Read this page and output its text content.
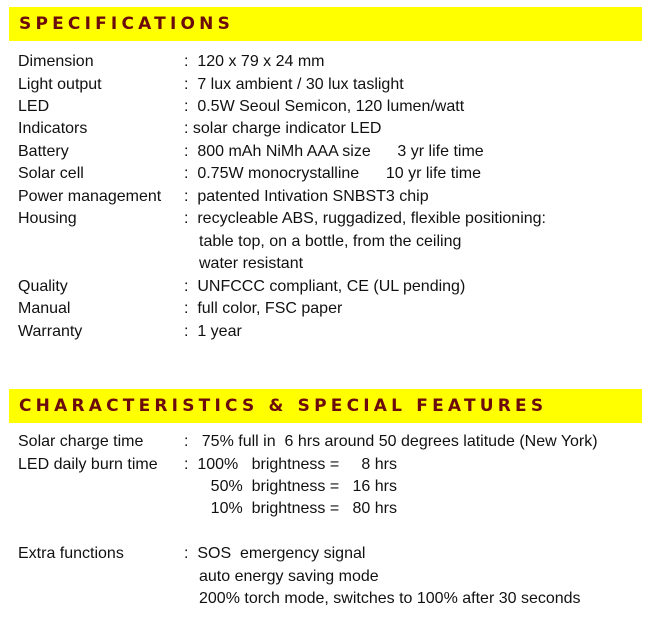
SPECIFICATIONS

Dimension

	:  120 x 79 x 24 mm

Light output

	:  7 lux ambient / 30 lux taslight

LED

	:  0.5W Seoul Semicon, 120 lumen/watt

Indicators

	: solar charge indicator LED

Battery

	:  800 mAh NiMh AAA size      3 yr life time

Solar cell

	:  0.75W monocrystalline      10 yr life time

Power management

:  patented Intivation SNBST3 chip

Housing

	:  recycleable ABS, ruggadized, flexible positioning:

table top, on a bottle, from the ceiling

water resistant

Quality

	:  UNFCCC compliant, CE (UL pending)

Manual

	:  full color, FSC paper

Warranty

	:  1 year

CHARACTERISTICS & SPECIAL FEATURES

Solar charge time

	:   75% full in  6 hrs around 50 degrees latitude (New York)

LED daily burn time

:  100%   brightness =     8 hrs

50%  brightness =   16 hrs

10%  brightness =   80 hrs

Extra functions

	:  SOS  emergency signal

auto energy saving mode

200% torch mode, switches to 100% after 30 seconds
